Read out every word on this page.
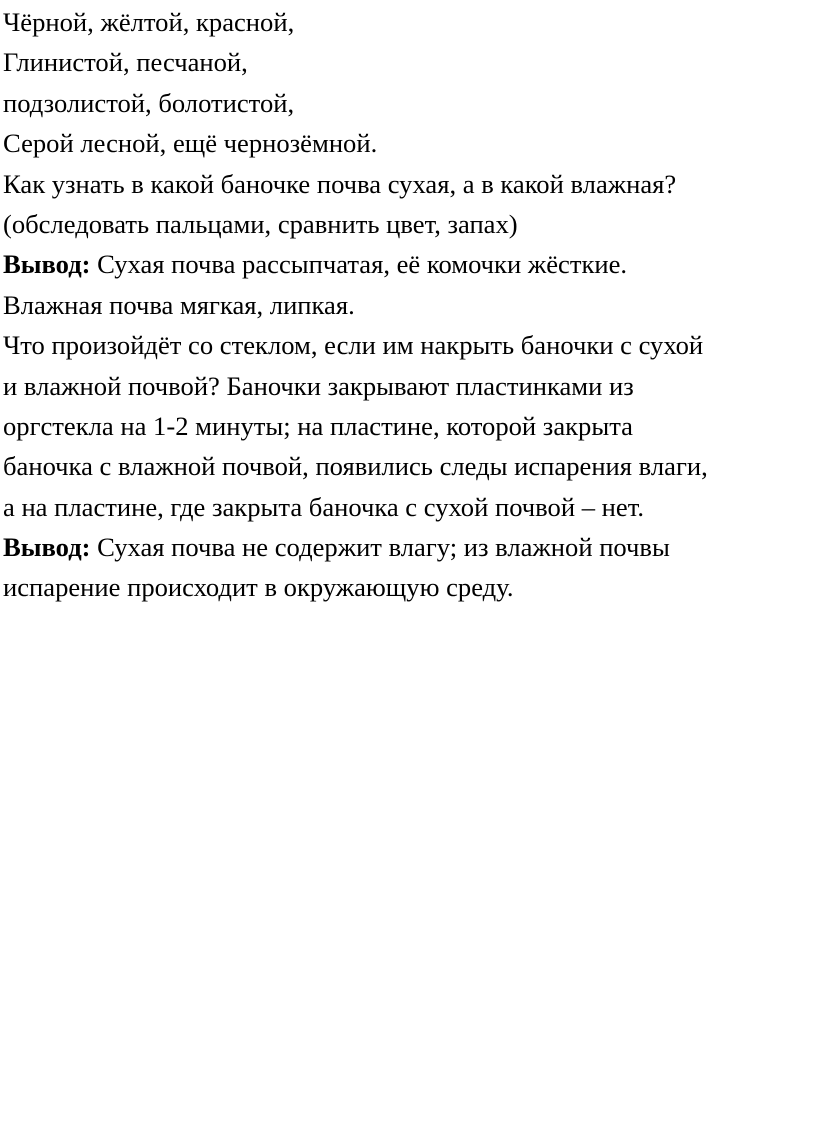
Чёрной, жёлтой, красной,
Глинистой, песчаной,
подзолистой, болотистой,
Серой лесной, ещё чернозёмной.
Как узнать в какой баночке почва сухая, а в какой влажная?
(обследовать пальцами, сравнить цвет, запах)
Вывод: Сухая почва рассыпчатая, её комочки жёсткие.
Влажная почва мягкая, липкая.
Что произойдёт со стеклом, если им накрыть баночки с сухой
и влажной почвой? Баночки закрывают пластинками из
оргстекла на 1-2 минуты; на пластине, которой закрыта
баночка с влажной почвой, появились следы испарения влаги,
а на пластине, где закрыта баночка с сухой почвой – нет.
Вывод: Сухая почва не содержит влагу; из влажной почвы
испарение происходит в окружающую среду.
